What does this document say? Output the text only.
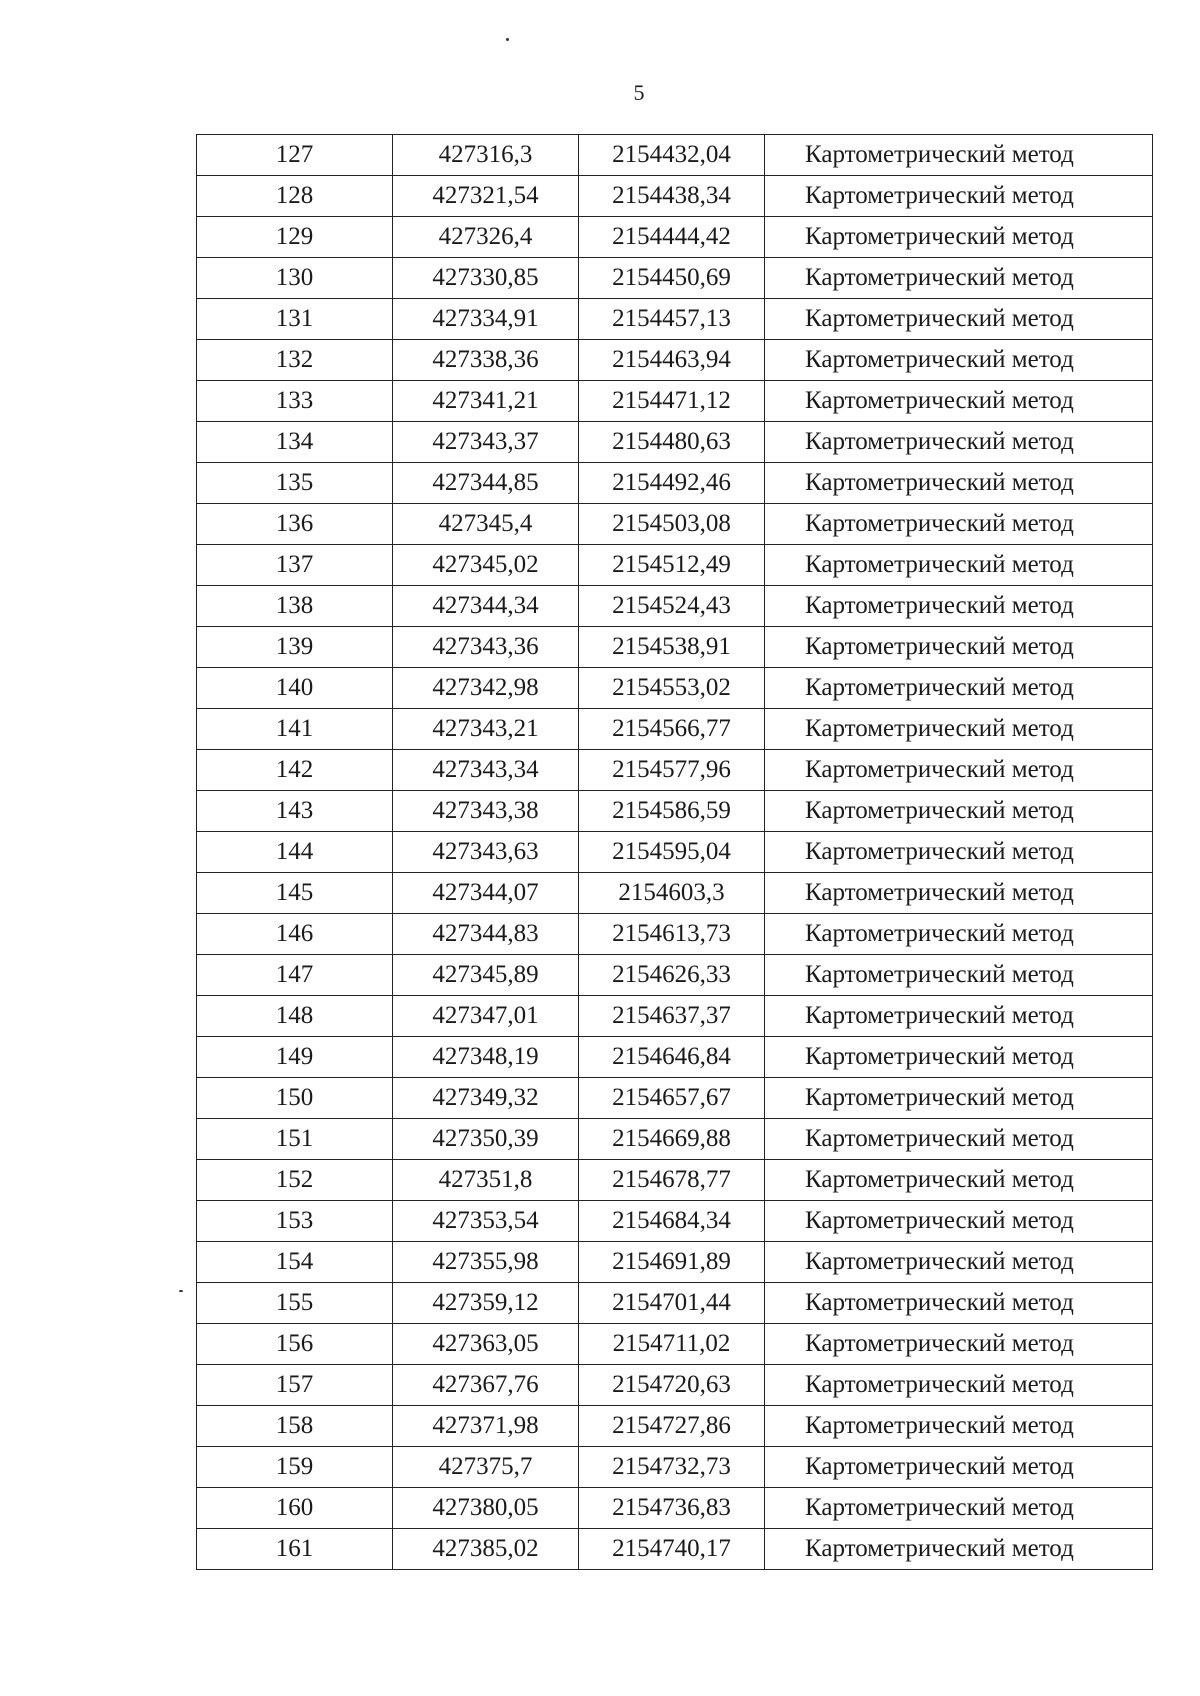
5
127	427316,3	2154432,04	Картометрический метод
128	427321,54	2154438,34	Картометрический метод
129	427326,4	2154444,42	Картометрический метод
130	427330,85	2154450,69	Картометрический метод
131	427334,91	2154457,13	Картометрический метод
132	427338,36	2154463,94	Картометрический метод
133	427341,21	2154471,12	Картометрический метод
134	427343,37	2154480,63	Картометрический метод
135	427344,85	2154492,46	Картометрический метод
136	427345,4	2154503,08	Картометрический метод
137	427345,02	2154512,49	Картометрический метод
138	427344,34	2154524,43	Картометрический метод
139	427343,36	2154538,91	Картометрический метод
140	427342,98	2154553,02	Картометрический метод
141	427343,21	2154566,77	Картометрический метод
142	427343,34	2154577,96	Картометрический метод
143	427343,38	2154586,59	Картометрический метод
144	427343,63	2154595,04	Картометрический метод
145	427344,07	2154603,3	Картометрический метод
146	427344,83	2154613,73	Картометрический метод
147	427345,89	2154626,33	Картометрический метод
148	427347,01	2154637,37	Картометрический метод
149	427348,19	2154646,84	Картометрический метод
150	427349,32	2154657,67	Картометрический метод
151	427350,39	2154669,88	Картометрический метод
152	427351,8	2154678,77	Картометрический метод
153	427353,54	2154684,34	Картометрический метод
154	427355,98	2154691,89	Картометрический метод
155	427359,12	2154701,44	Картометрический метод
156	427363,05	2154711,02	Картометрический метод
157	427367,76	2154720,63	Картометрический метод
158	427371,98	2154727,86	Картометрический метод
159	427375,7	2154732,73	Картометрический метод
160	427380,05	2154736,83	Картометрический метод
161	427385,02	2154740,17	Картометрический метод
